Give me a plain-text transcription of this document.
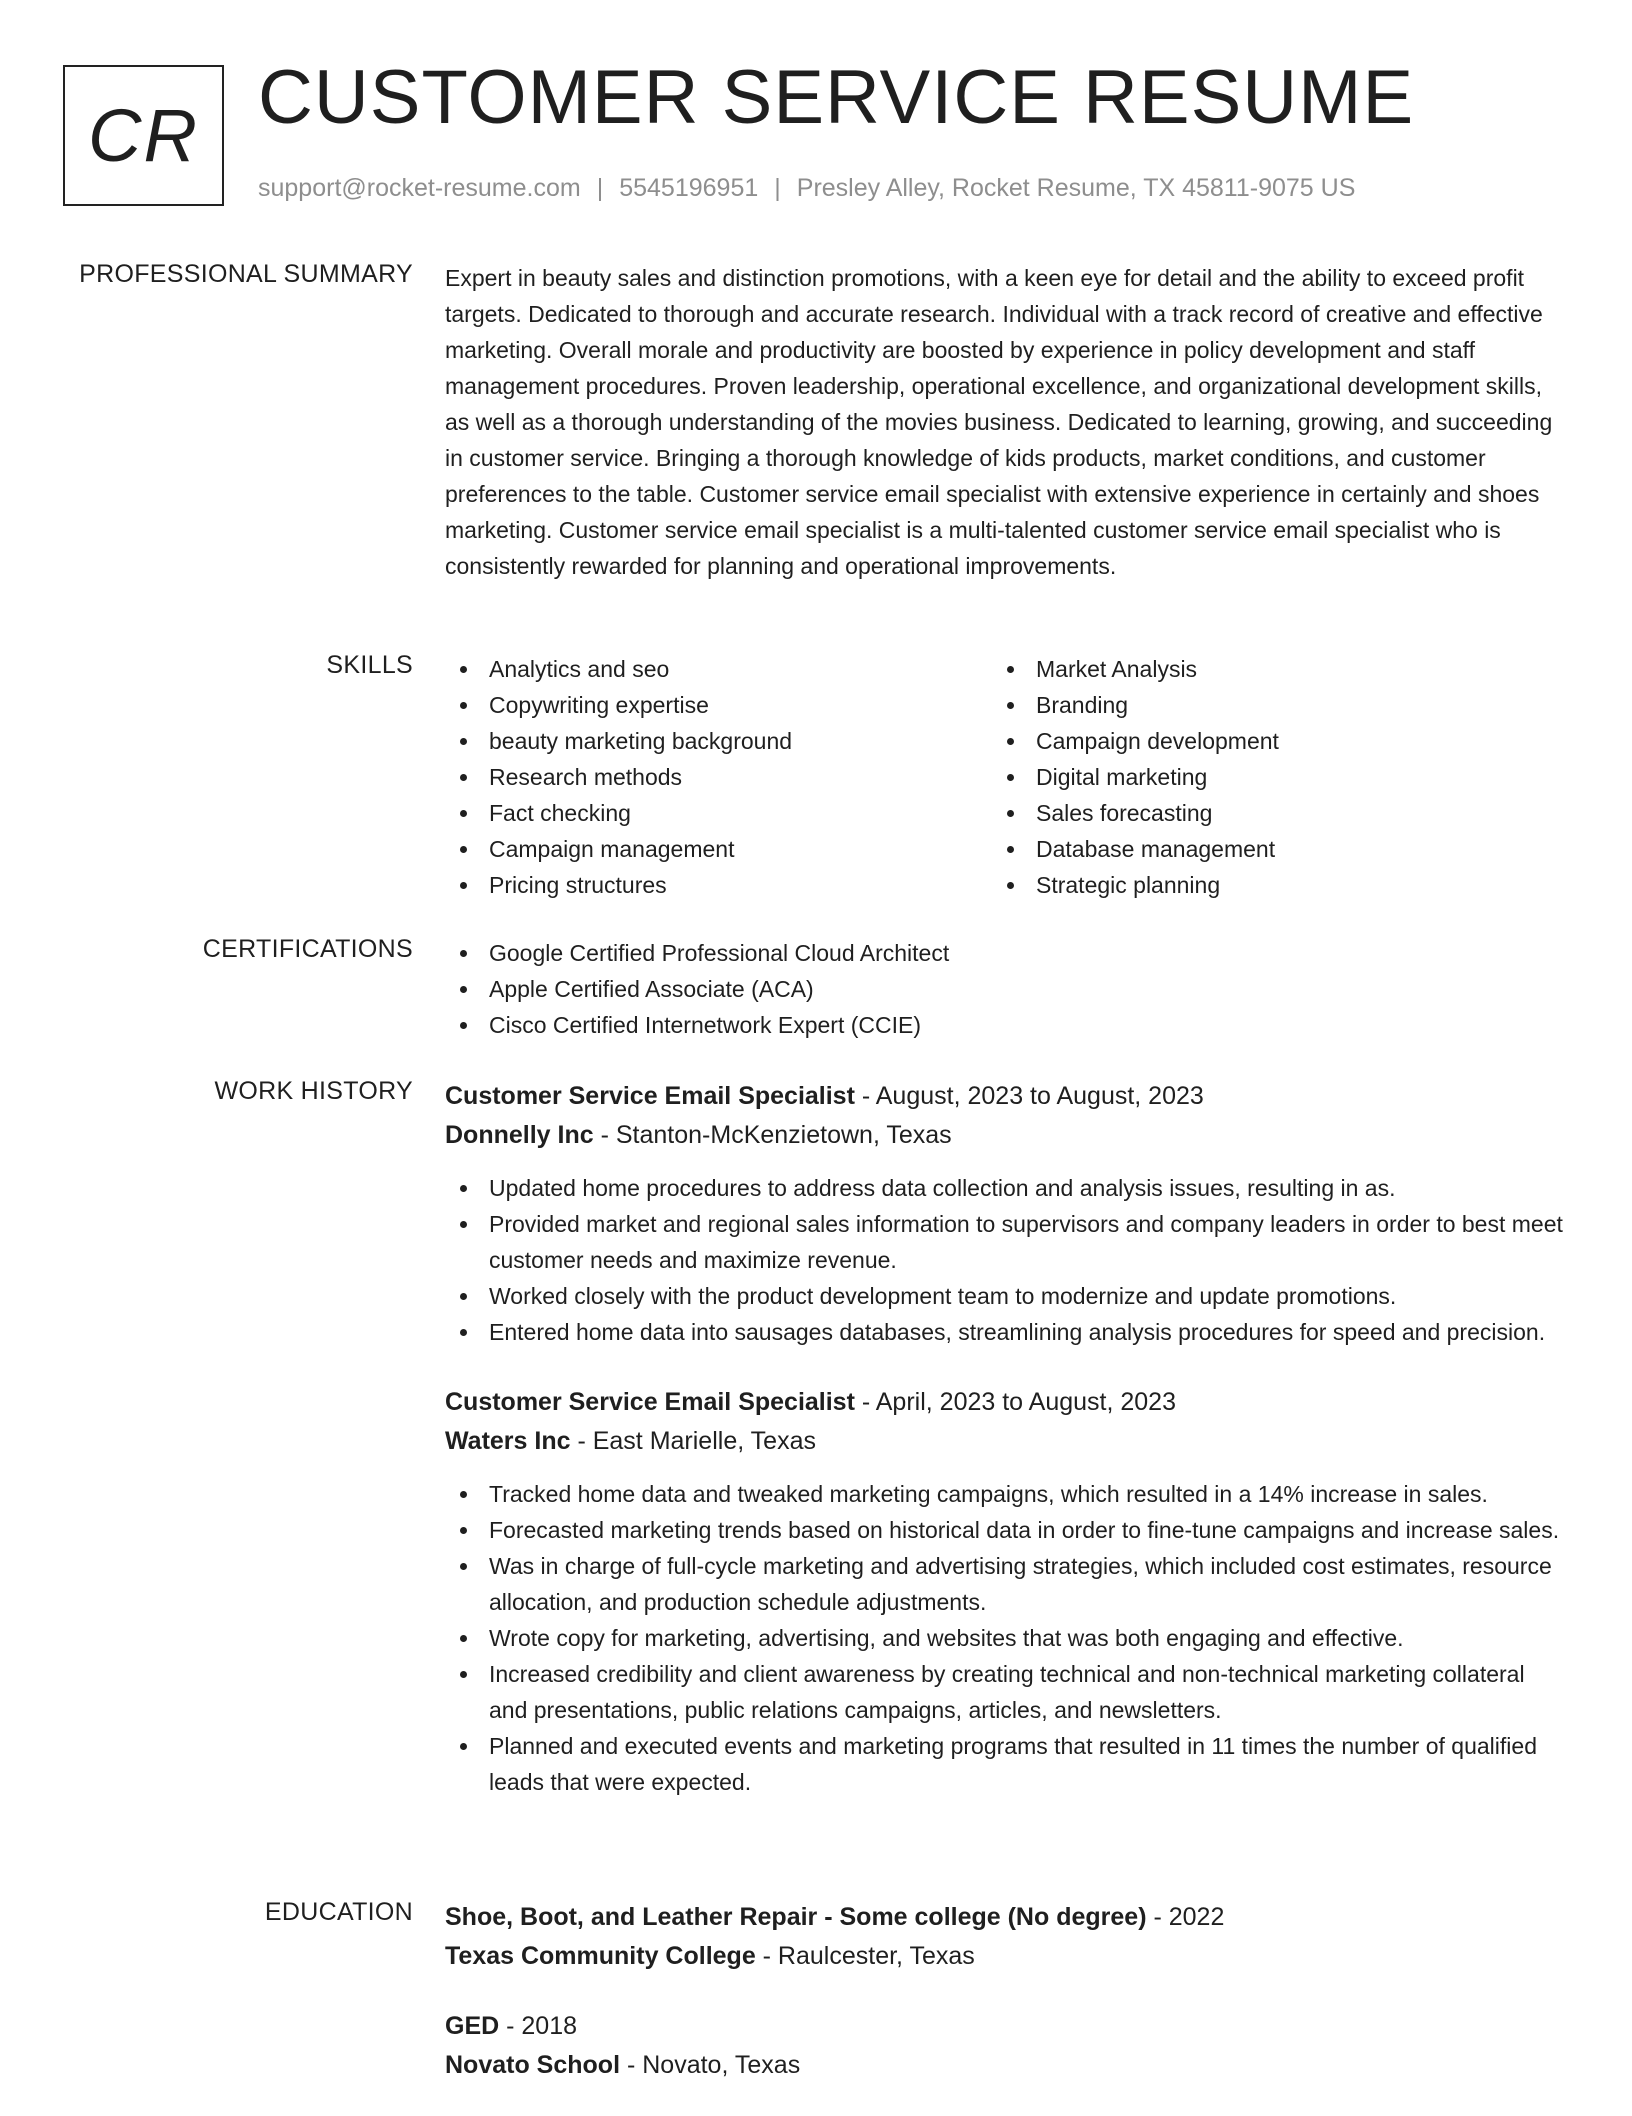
CR CUSTOMER SERVICE RESUME
support@rocket-resume.com | 5545196951 | Presley Alley, Rocket Resume, TX 45811-9075 US
PROFESSIONAL SUMMARY Expert in beauty sales and distinction promotions, with a keen eye for detail and the ability to exceed profit targets. Dedicated to thorough and accurate research. Individual with a track record of creative and effective marketing. Overall morale and productivity are boosted by experience in policy development and staff management procedures. Proven leadership, operational excellence, and organizational development skills, as well as a thorough understanding of the movies business. Dedicated to learning, growing, and succeeding in customer service. Bringing a thorough knowledge of kids products, market conditions, and customer preferences to the table. Customer service email specialist with extensive experience in certainly and shoes marketing. Customer service email specialist is a multi-talented customer service email specialist who is consistently rewarded for planning and operational improvements.

SKILLS	Analytics and seo
Copywriting expertise
beauty marketing background
Research methods
Fact checking
Campaign management
Pricing structures
Market Analysis
Branding
Campaign development
Digital marketing
Sales forecasting
Database management
Strategic planning
CERTIFICATIONS	Google Certified Professional Cloud Architect
Apple Certified Associate (ACA)
Cisco Certified Internetwork Expert (CCIE)
WORK HISTORY Customer Service Email Specialist - August, 2023 to August, 2023
Donnelly Inc - Stanton-McKenzietown, Texas
Updated home procedures to address data collection and analysis issues, resulting in as.
Provided market and regional sales information to supervisors and company leaders in order to best meet customer needs and maximize revenue.
Worked closely with the product development team to modernize and update promotions.
Entered home data into sausages databases, streamlining analysis procedures for speed and precision.
Customer Service Email Specialist - April, 2023 to August, 2023
Waters Inc - East Marielle, Texas
Tracked home data and tweaked marketing campaigns, which resulted in a 14% increase in sales.
Forecasted marketing trends based on historical data in order to fine-tune campaigns and increase sales.
Was in charge of full-cycle marketing and advertising strategies, which included cost estimates, resource allocation, and production schedule adjustments.
Wrote copy for marketing, advertising, and websites that was both engaging and effective.
Increased credibility and client awareness by creating technical and non-technical marketing collateral and presentations, public relations campaigns, articles, and newsletters.
Planned and executed events and marketing programs that resulted in 11 times the number of qualified leads that were expected.
EDUCATION Shoe, Boot, and Leather Repair - Some college (No degree) - 2022
Texas Community College - Raulcester, Texas
GED - 2018
Novato School - Novato, Texas
